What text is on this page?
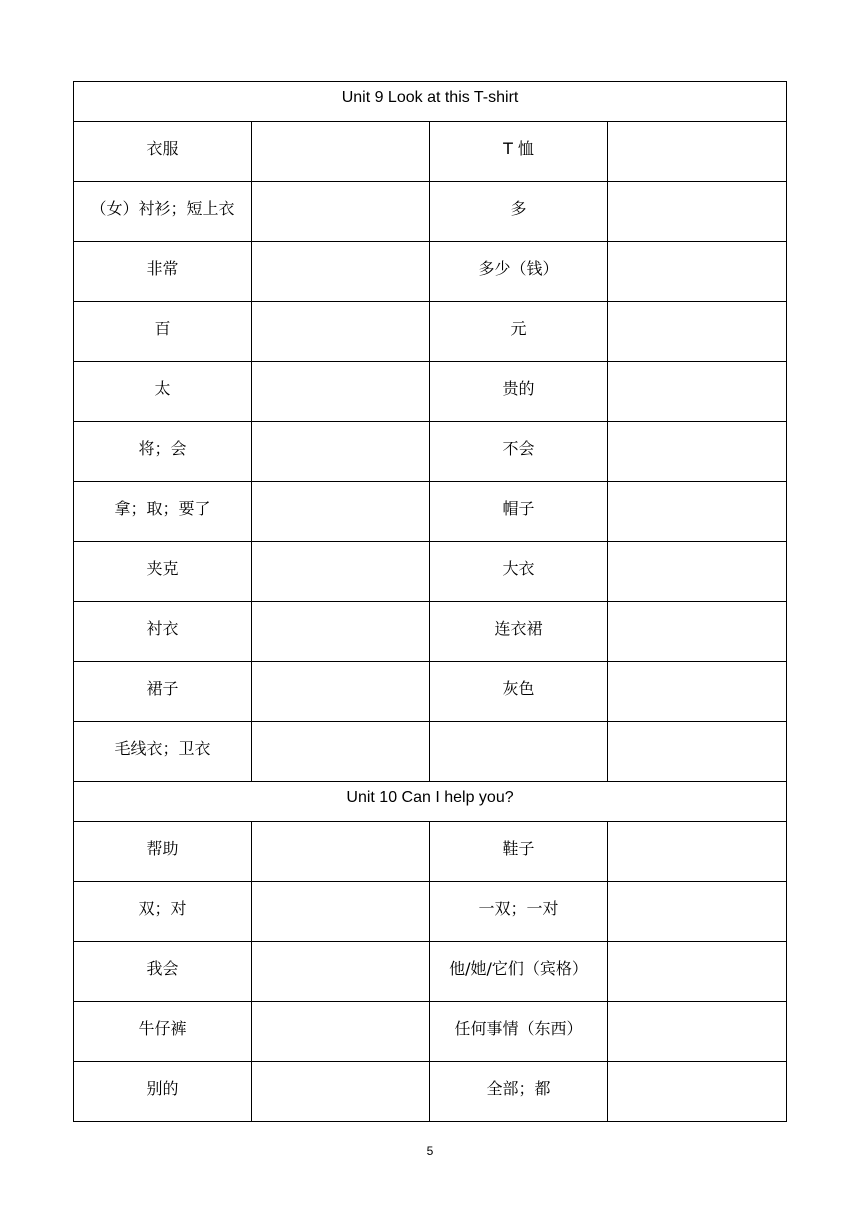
Unit 9 Look at this T-shirt			
衣服		T 恤	
（女）衬衫；短上衣		多	
非常		多少（钱）	
百		元	
太		贵的	
将；会		不会	
拿；取；要了		帽子	
夹克		大衣	
衬衣		连衣裙	
裙子		灰色	
毛线衣；卫衣			
Unit 10 Can I help you?			
帮助		鞋子	
双；对		一双；一对	
我会		他/她/它们（宾格）	
牛仔裤		任何事情（东西）	
别的		全部；都	
5
